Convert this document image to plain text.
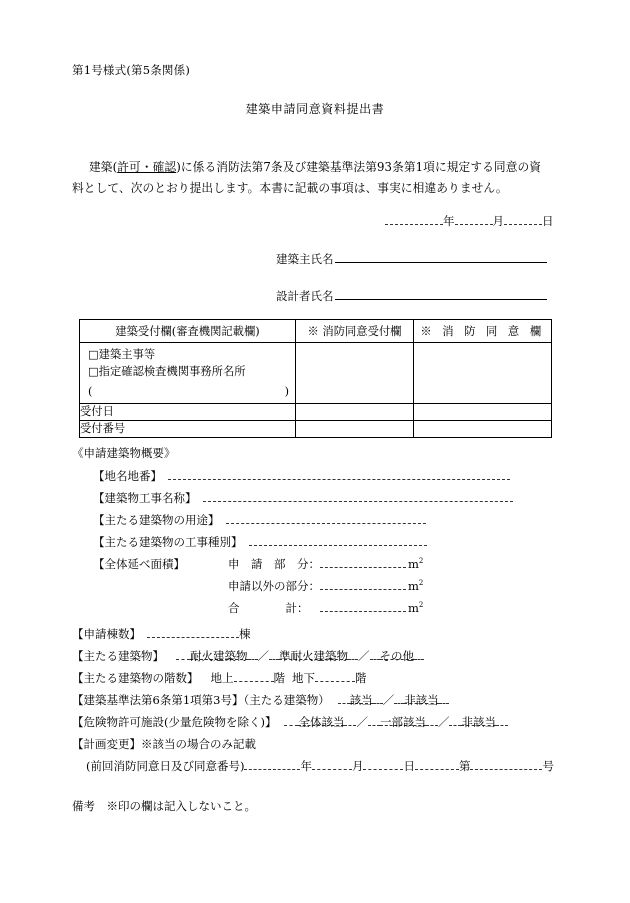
第1号様式(第5条関係)
建築申請同意資料提出書
建築(許可・確認)に係る消防法第7条及び建築基準法第93条第1項に規定する同意の資料として、次のとおり提出します。本書に記載の事項は、事実に相違ありません。
年	月	日
建築主氏名
設計者氏名
建築受付欄(審査機関記載欄)	※ 消防同意受付欄	※ 消 防 同 意 欄

□建築主事等
□指定確認検査機関事務所名所
( )		

受付日		
受付番号		
《申請建築物概要》
【地名地番】
【建築物工事名称】
【主たる建築物の用途】
【主たる建築物の工事種別】
【全体延べ面積】	申　請　部　分：	$m^2$
申請以外の部分：	$m^2$
合　　　　計：	$m^2$
【申請棟数】	棟
【主たる建築物】 耐火建築物 ／ 準耐火建築物 ／ その他
【主たる建築物の階数】 地上	階 地下	階
【建築基準法第6条第1項第3号】（主たる建築物） 該当 ／ 非該当
【危険物許可施設(少量危険物を除く)】 全体該当 ／ 一部該当 ／ 非該当
【計画変更】※該当の場合のみ記載
(前回消防同意日及び同意番号)	年	月	日	第	号
備考　※印の欄は記入しないこと。
